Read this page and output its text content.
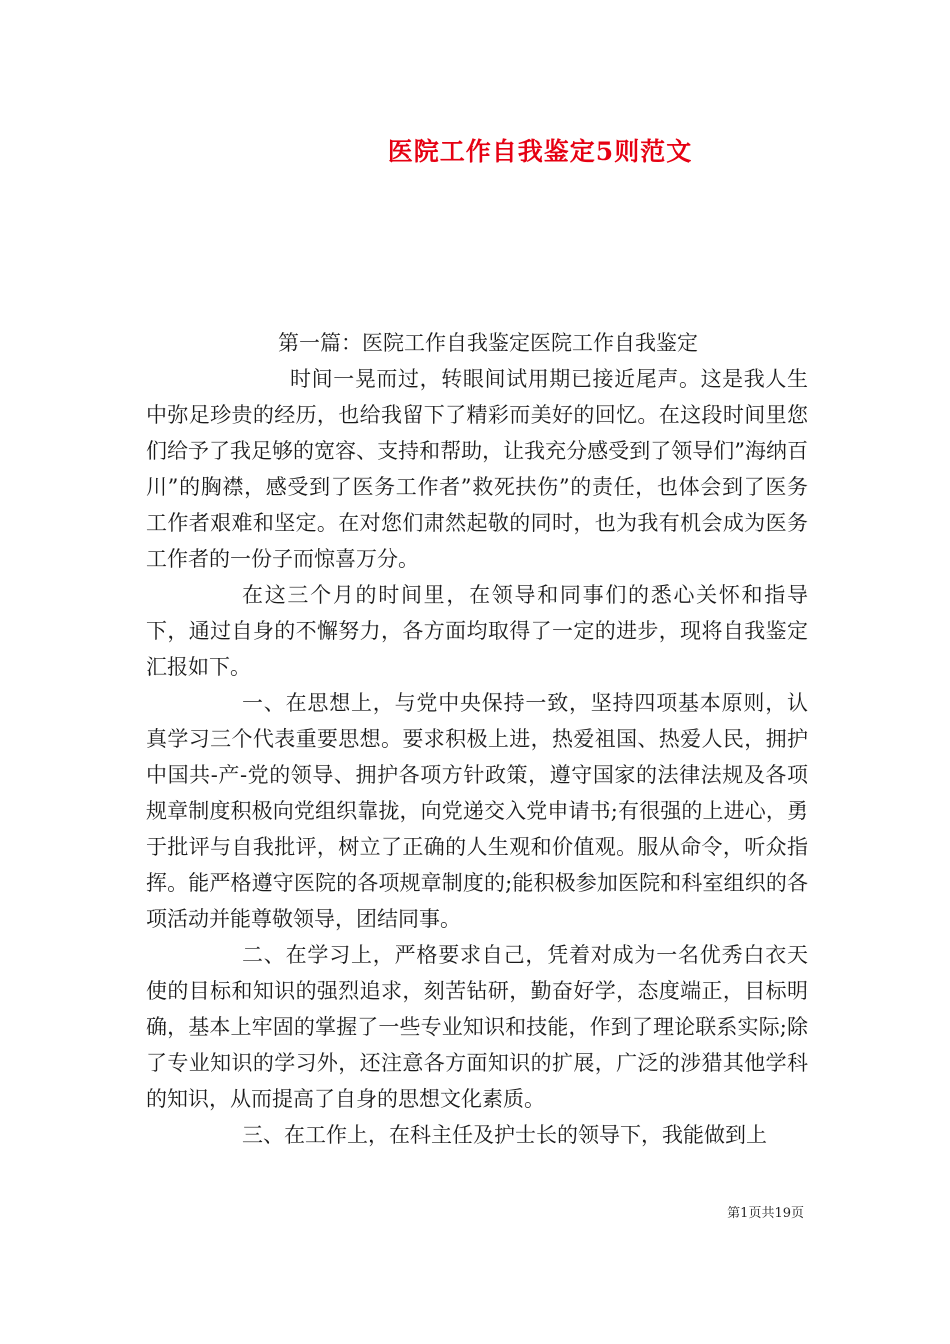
医院工作自我鉴定5则范文

第一篇：医院工作自我鉴定医院工作自我鉴定

时间一晃而过，转眼间试用期已接近尾声。这是我人生中弥足珍贵的经历，也给我留下了精彩而美好的回忆。在这段时间里您们给予了我足够的宽容、支持和帮助，让我充分感受到了领导们”海纳百川”的胸襟，感受到了医务工作者”救死扶伤”的责任，也体会到了医务工作者艰难和坚定。在对您们肃然起敬的同时，也为我有机会成为医务工作者的一份子而惊喜万分。

在这三个月的时间里，在领导和同事们的悉心关怀和指导下，通过自身的不懈努力，各方面均取得了一定的进步，现将自我鉴定汇报如下。

一、在思想上，与党中央保持一致，坚持四项基本原则，认真学习三个代表重要思想。要求积极上进，热爱祖国、热爱人民，拥护中国共-产-党的领导、拥护各项方针政策，遵守国家的法律法规及各项规章制度积极向党组织靠拢，向党递交入党申请书;有很强的上进心，勇于批评与自我批评，树立了正确的人生观和价值观。服从命令，听众指挥。能严格遵守医院的各项规章制度的;能积极参加医院和科室组织的各项活动并能尊敬领导，团结同事。

二、在学习上，严格要求自己，凭着对成为一名优秀白衣天使的目标和知识的强烈追求，刻苦钻研，勤奋好学，态度端正，目标明确，基本上牢固的掌握了一些专业知识和技能，作到了理论联系实际;除了专业知识的学习外，还注意各方面知识的扩展，广泛的涉猎其他学科的知识，从而提高了自身的思想文化素质。

三、在工作上，在科主任及护士长的领导下，我能做到上

第1页共19页
